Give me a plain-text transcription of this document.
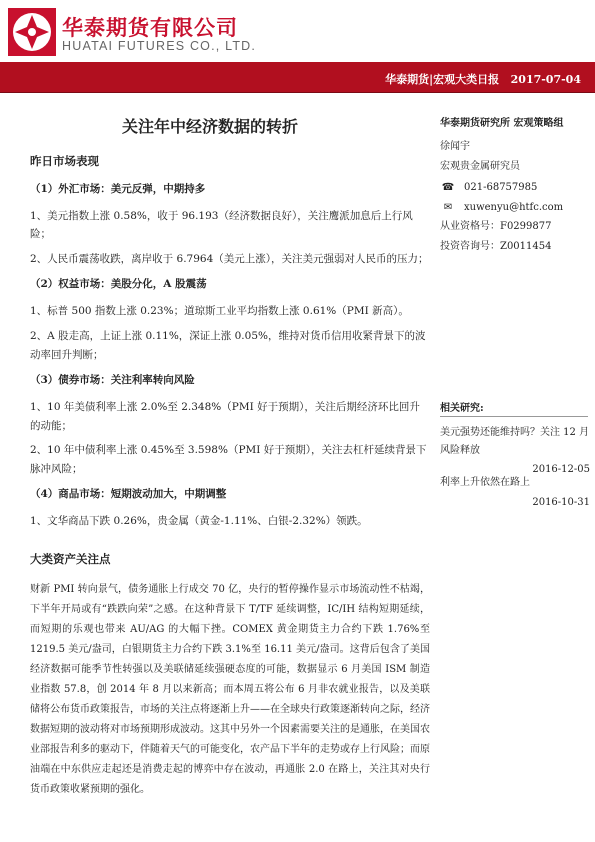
华泰期货有限公司
HUATAI FUTURES CO., LTD.
华泰期货|宏观大类日报   2017-07-04
关注年中经济数据的转折
昨日市场表现
（1）外汇市场：美元反弹，中期持多
1、美元指数上涨 0.58%，收于 96.193（经济数据良好），关注鹰派加息后上行风险；
2、人民币震荡收跌，离岸收于 6.7964（美元上涨），关注美元强弱对人民币的压力；
（2）权益市场：美股分化，A 股震荡
1、标普 500 指数上涨 0.23%；道琼斯工业平均指数上涨 0.61%（PMI 新高）。
2、A 股走高，上证上涨 0.11%，深证上涨 0.05%，维持对货币信用收紧背景下的波动率回升判断；
（3）债券市场：关注利率转向风险
1、10 年美债利率上涨 2.0%至 2.348%（PMI 好于预期），关注后期经济环比回升的动能；
2、10 年中债利率上涨 0.45%至 3.598%（PMI 好于预期），关注去杠杆延续背景下脉冲风险；
（4）商品市场：短期波动加大，中期调整
1、文华商品下跌 0.26%，贵金属（黄金-1.11%、白银-2.32%）领跌。
大类资产关注点

财新 PMI 转向景气，债务通胀上行成交 70 亿，央行的暂停操作显示市场流动性不枯竭，下半年开局或有“跌跌向荣”之感。在这种背景下 T/TF 延续调整，IC/IH 结构短期延续，而短期的乐观也带来 AU/AG 的大幅下挫。COMEX 黄金期货主力合约下跌 1.76%至 1219.5 美元/盎司，白银期货主力合约下跌 3.1%至 16.11 美元/盎司。这背后包含了美国经济数据可能季节性转强以及美联储延续强硬态度的可能，数据显示 6 月美国 ISM 制造业指数 57.8，创 2014 年 8 月以来新高；而本周五将公布 6 月非农就业报告，以及美联储将公布货币政策报告，市场的关注点将逐渐上升——在全球央行政策逐渐转向之际，经济数据短期的波动将对市场预期形成波动。这其中另外一个因素需要关注的是通胀，在美国农业部报告利多的驱动下，伴随着天气的可能变化，农产品下半年的走势或存上行风险；而原油端在中东供应走起还是消费走起的博弈中存在波动，再通胀 2.0 在路上，关注其对央行货币政策收紧预期的强化。

华泰期货研究所 宏观策略组
徐闻宇
宏观贵金属研究员
☎ 021-68757985
✉	xuwenyu@htfc.com
从业资格号：F0299877
投资咨询号：Z0011454
相关研究:
美元强势还能维持吗？关注 12 月风险释放
2016-12-05
利率上升依然在路上
2016-10-31
